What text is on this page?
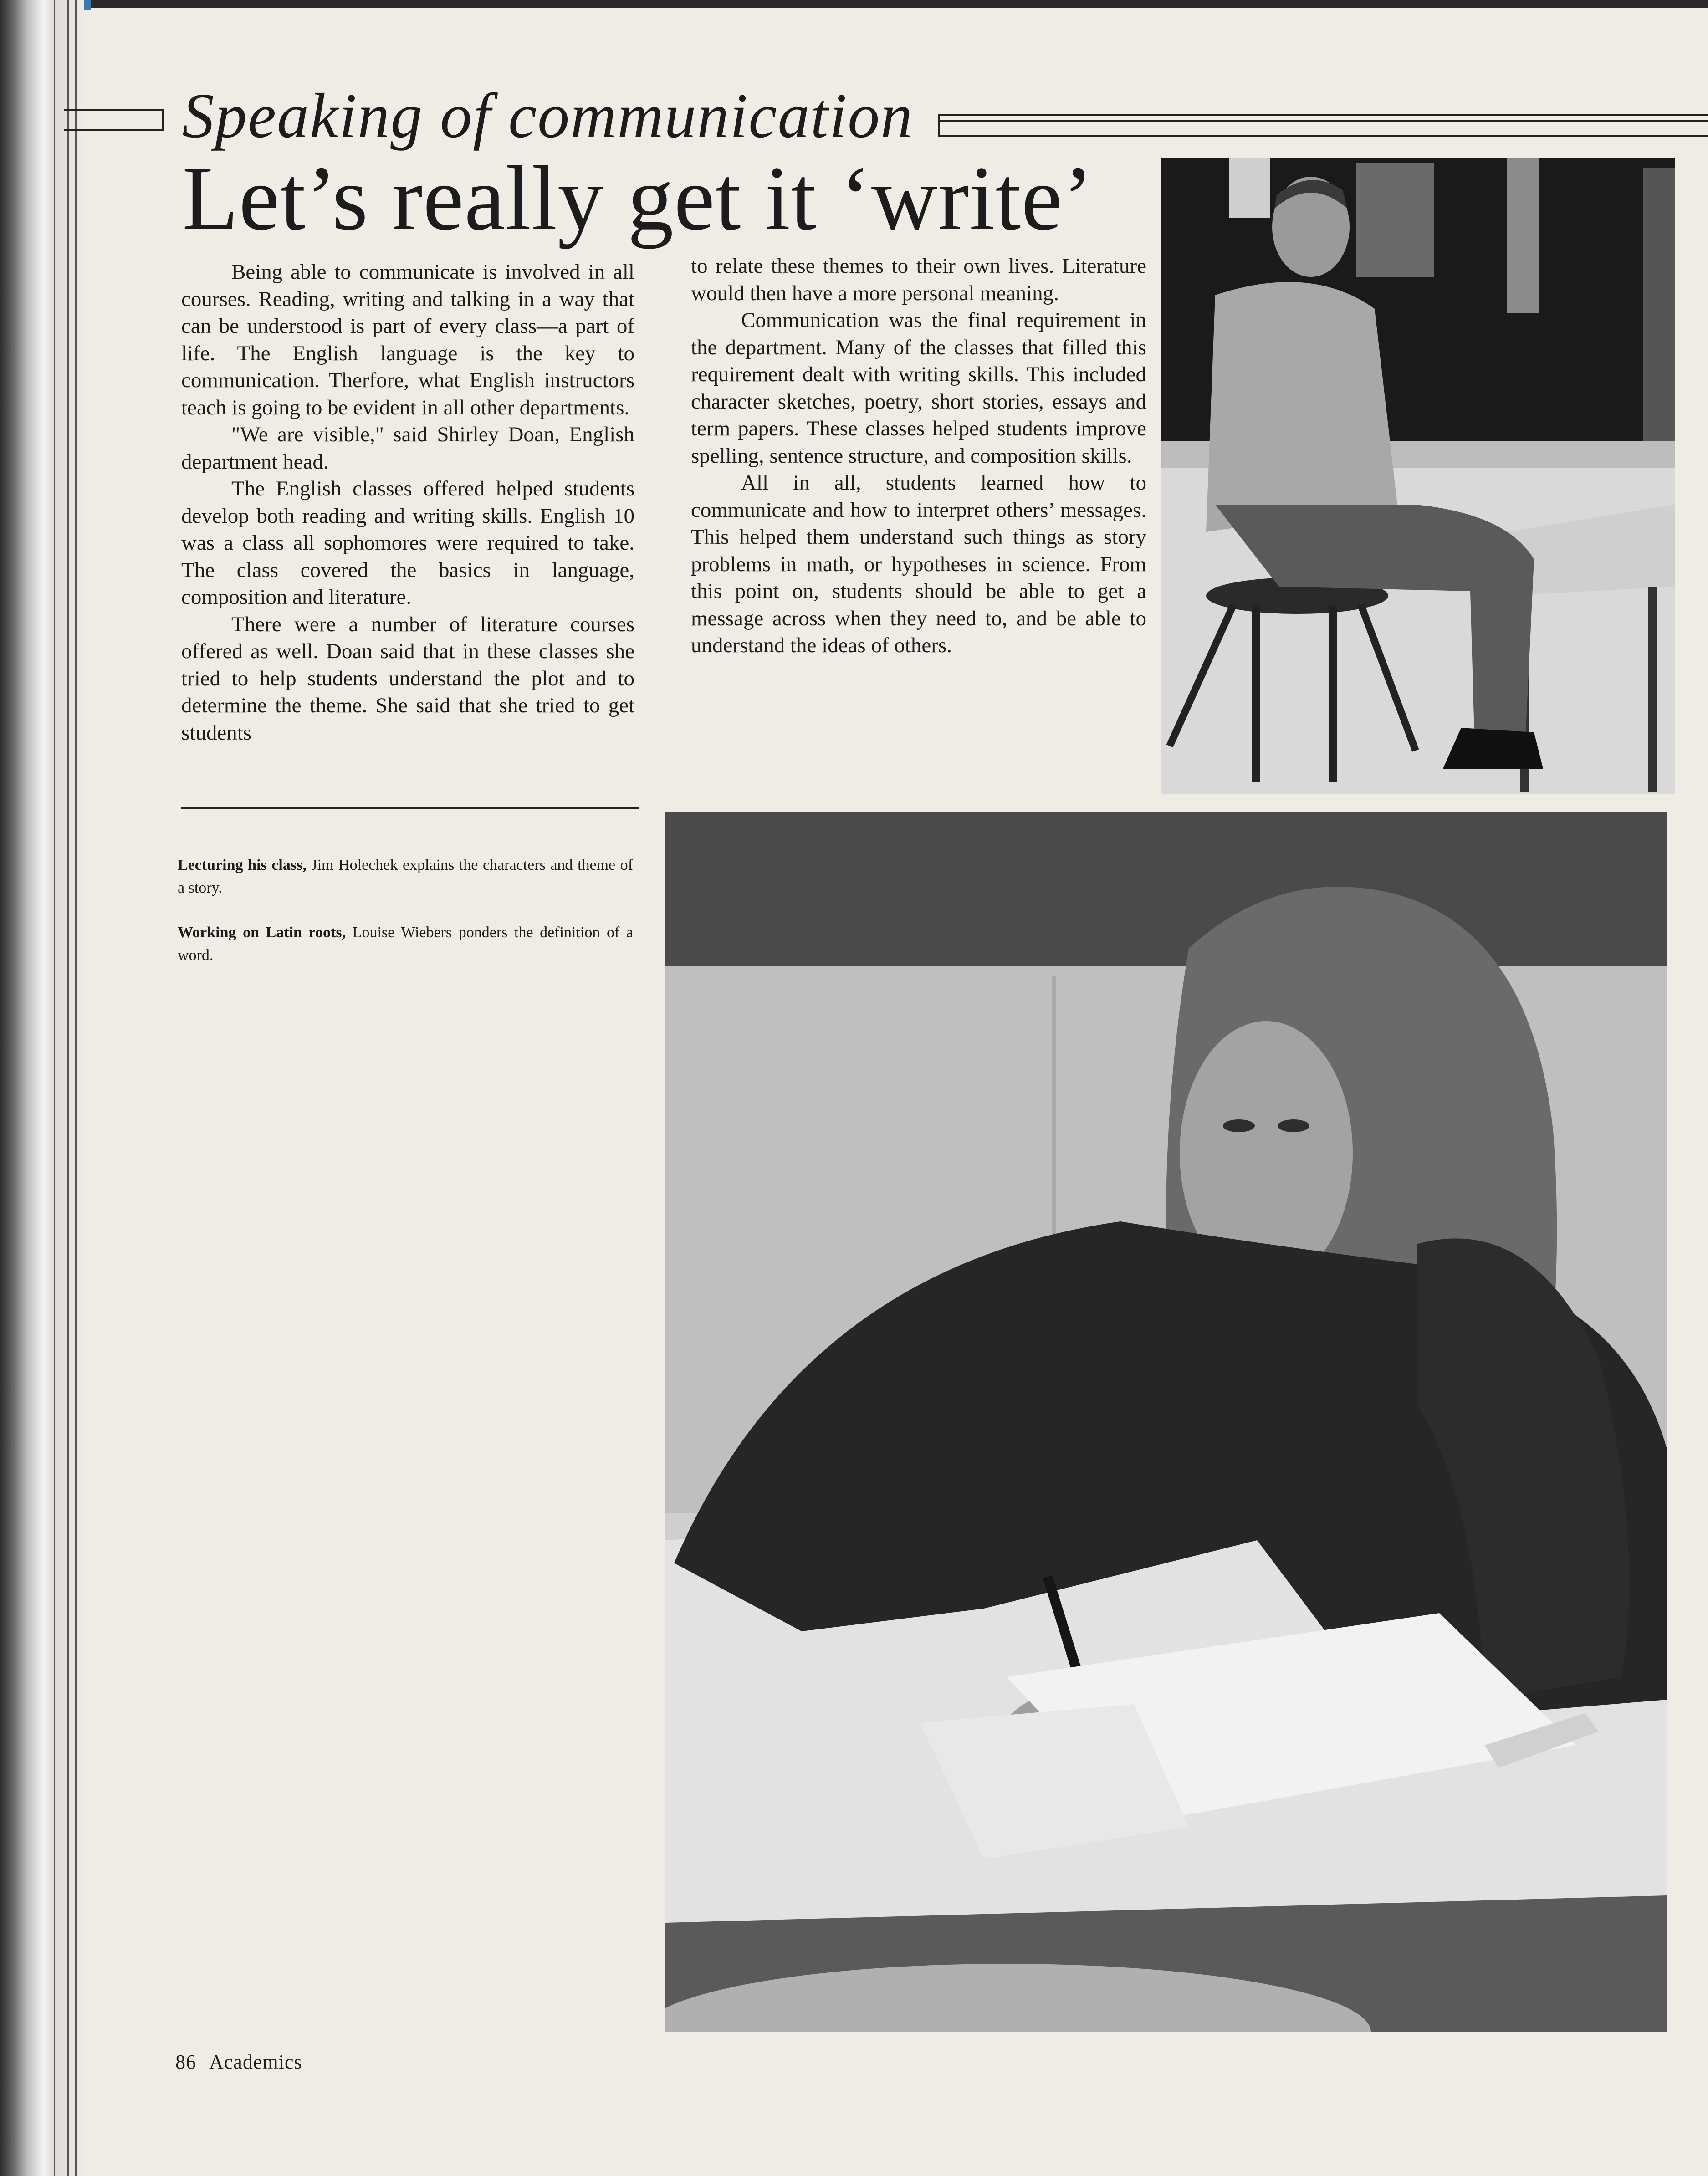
Speaking of communication
Let’s really get it ‘write’

Being able to communicate is involved in all courses. Reading, writing and talking in a way that can be understood is part of every class—a part of life. The English language is the key to communication. Therfore, what English instructors teach is going to be evident in all other departments.

"We are visible," said Shirley Doan, English department head.

The English classes offered helped students develop both reading and writing skills. English 10 was a class all sophomores were required to take. The class covered the basics in language, composition and literature.

There were a number of literature courses offered as well. Doan said that in these classes she tried to help students understand the plot and to determine the theme. She said that she tried to get students

to relate these themes to their own lives. Literature would then have a more personal meaning.

Communication was the final requirement in the department. Many of the classes that filled this requirement dealt with writing skills. This included character sketches, poetry, short stories, essays and term papers. These classes helped students improve spelling, sentence structure, and composition skills.

All in all, students learned how to communicate and how to interpret others’ messages. This helped them understand such things as story problems in math, or hypotheses in science. From this point on, students should be able to get a message across when they need to, and be able to understand the ideas of others.

Lecturing his class, Jim Holechek explains the characters and theme of a story.

Working on Latin roots, Louise Wiebers ponders the definition of a word.

86 Academics
